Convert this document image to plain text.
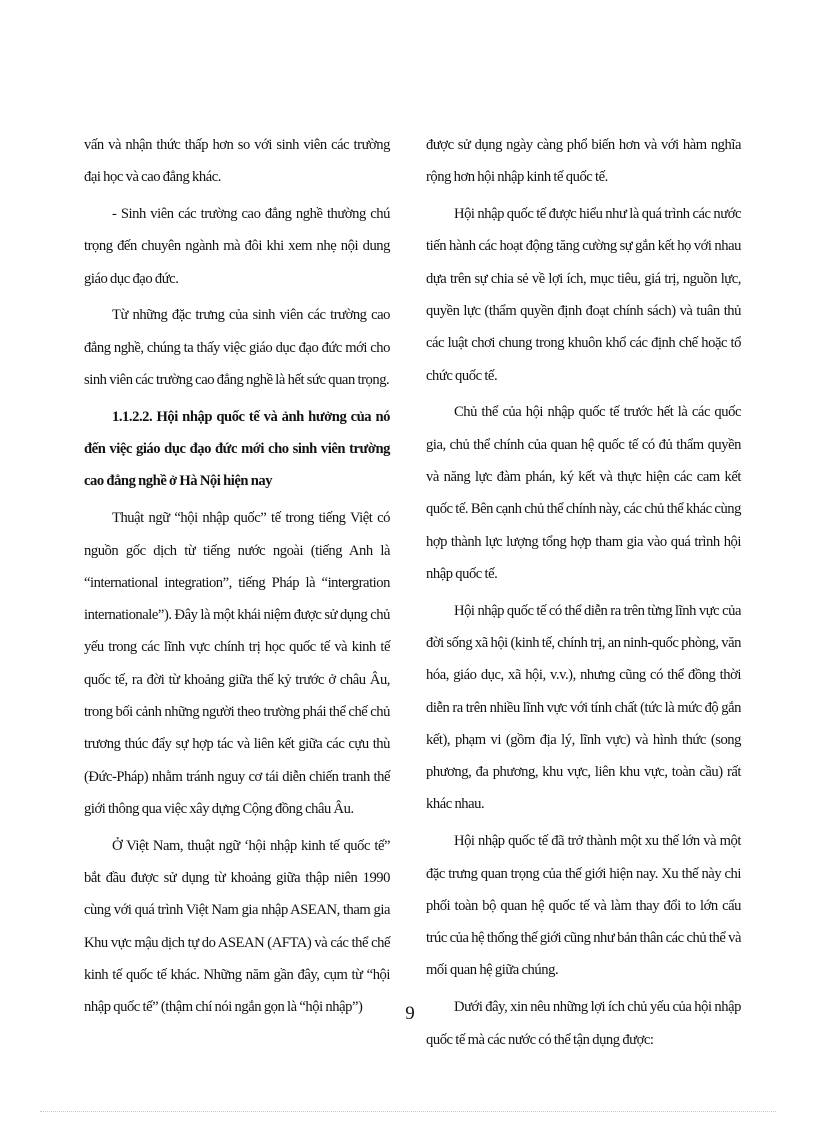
vấn và nhận thức thấp hơn so với sinh viên các trường đại học và cao đẳng khác.

- Sinh viên các trường cao đẳng nghề thường chú trọng đến chuyên ngành mà đôi khi xem nhẹ nội dung giáo dục đạo đức.

Từ những đặc trưng của sinh viên các trường cao đẳng nghề, chúng ta thấy việc giáo dục đạo đức mới cho sinh viên các trường cao đẳng nghề là hết sức quan trọng.

1.1.2.2. Hội nhập quốc tế và ảnh hưởng của nó đến việc giáo dục đạo đức mới cho sinh viên trường cao đẳng nghề ở Hà Nội hiện nay

Thuật ngữ “hội nhập quốc” tế trong tiếng Việt có nguồn gốc dịch từ tiếng nước ngoài (tiếng Anh là “international integration”, tiếng Pháp là “intergration internationale”). Đây là một khái niệm được sử dụng chủ yếu trong các lĩnh vực chính trị học quốc tế và kinh tế quốc tế, ra đời từ khoảng giữa thế kỷ trước ở châu Âu, trong bối cảnh những người theo trường phái thể chế chủ trương thúc đẩy sự hợp tác và liên kết giữa các cựu thù (Đức-Pháp) nhằm tránh nguy cơ tái diễn chiến tranh thế giới thông qua việc xây dựng Cộng đồng châu Âu.

Ở Việt Nam, thuật ngữ ‘hội nhập kinh tế quốc tế” bắt đầu được sử dụng từ khoảng giữa thập niên 1990 cùng với quá trình Việt Nam gia nhập ASEAN, tham gia Khu vực mậu dịch tự do ASEAN (AFTA) và các thể chế kinh tế quốc tế khác. Những năm gần đây, cụm từ “hội nhập quốc tế” (thậm chí nói ngắn gọn là “hội nhập”)

được sử dụng ngày càng phổ biến hơn và với hàm nghĩa rộng hơn hội nhập kinh tế quốc tế.

Hội nhập quốc tế được hiểu như là quá trình các nước tiến hành các hoạt động tăng cường sự gắn kết họ với nhau dựa trên sự chia sẻ về lợi ích, mục tiêu, giá trị, nguồn lực, quyền lực (thẩm quyền định đoạt chính sách) và tuân thủ các luật chơi chung trong khuôn khổ các định chế hoặc tổ chức quốc tế.

Chủ thể của hội nhập quốc tế trước hết là các quốc gia, chủ thể chính của quan hệ quốc tế có đủ thẩm quyền và năng lực đàm phán, ký kết và thực hiện các cam kết quốc tế. Bên cạnh chủ thể chính này, các chủ thể khác cùng hợp thành lực lượng tổng hợp tham gia vào quá trình hội nhập quốc tế.

Hội nhập quốc tế có thể diễn ra trên từng lĩnh vực của đời sống xã hội (kinh tế, chính trị, an ninh-quốc phòng, văn hóa, giáo dục, xã hội, v.v.), nhưng cũng có thể đồng thời diễn ra trên nhiều lĩnh vực với tính chất (tức là mức độ gắn kết), phạm vi (gồm địa lý, lĩnh vực) và hình thức (song phương, đa phương, khu vực, liên khu vực, toàn cầu) rất khác nhau.

Hội nhập quốc tế đã trở thành một xu thế lớn và một đặc trưng quan trọng của thế giới hiện nay. Xu thế này chi phối toàn bộ quan hệ quốc tế và làm thay đổi to lớn cấu trúc của hệ thống thế giới cũng như bản thân các chủ thể và mối quan hệ giữa chúng.

Dưới đây, xin nêu những lợi ích chủ yếu của hội nhập quốc tế mà các nước có thể tận dụng được:

9
